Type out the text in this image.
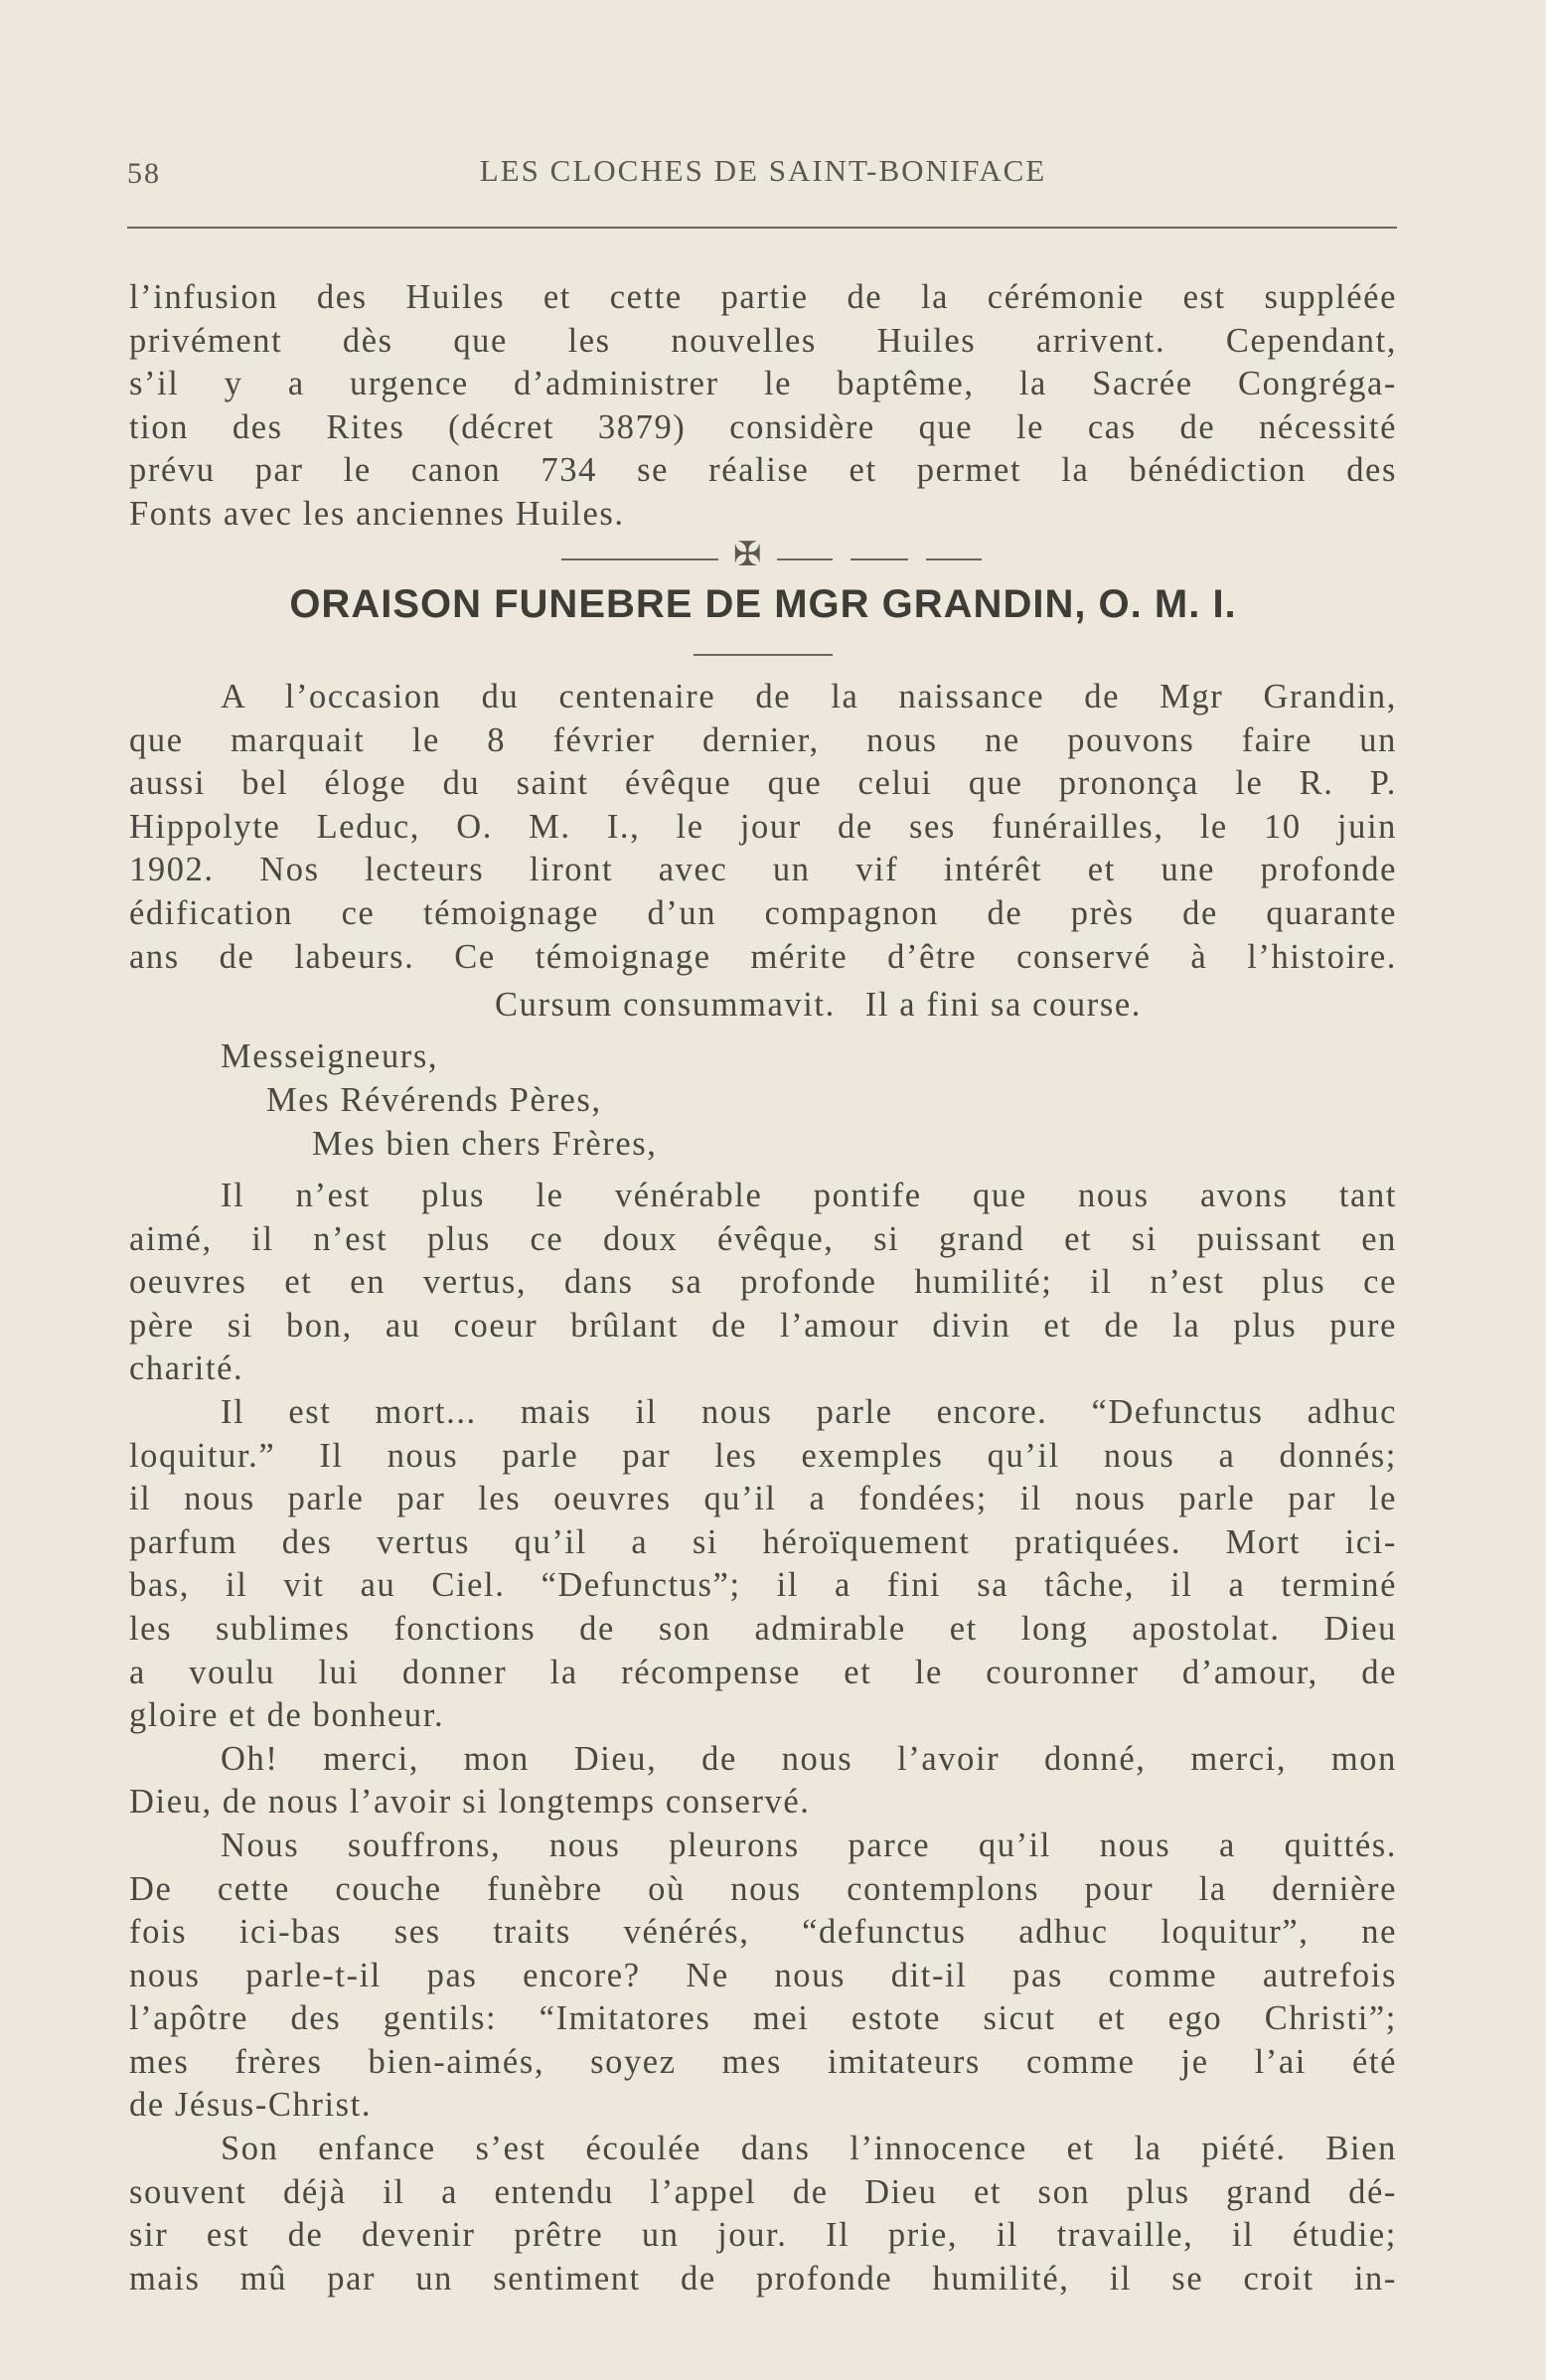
58	LES CLOCHES DE SAINT-BONIFACE
l’infusion des Huiles et cette partie de la cérémonie est suppléée
privément dès que les nouvelles Huiles arrivent. Cependant,
s’il y a urgence d’administrer le baptême, la Sacrée Congréga-
tion des Rites (décret 3879) considère que le cas de nécessité
prévu par le canon 734 se réalise et permet la bénédiction des
Fonts avec les anciennes Huiles.
✠
ORAISON FUNEBRE DE MGR GRANDIN, O. M. I.
A l’occasion du centenaire de la naissance de Mgr Grandin,
que marquait le 8 février dernier, nous ne pouvons faire un
aussi bel éloge du saint évêque que celui que prononça le R. P.
Hippolyte Leduc, O. M. I., le jour de ses funérailles, le 10 juin
1902. Nos lecteurs liront avec un vif intérêt et une profonde
édification ce témoignage d’un compagnon de près de quarante
ans de labeurs. Ce témoignage mérite d’être conservé à l’histoire.
Cursum consummavit. Il a fini sa course.
Messeigneurs,
Mes Révérends Pères,
Mes bien chers Frères,
Il n’est plus le vénérable pontife que nous avons tant
aimé, il n’est plus ce doux évêque, si grand et si puissant en
oeuvres et en vertus, dans sa profonde humilité; il n’est plus ce
père si bon, au coeur brûlant de l’amour divin et de la plus pure
charité.
Il est mort... mais il nous parle encore. “Defunctus adhuc
loquitur.” Il nous parle par les exemples qu’il nous a donnés;
il nous parle par les oeuvres qu’il a fondées; il nous parle par le
parfum des vertus qu’il a si héroïquement pratiquées. Mort ici-
bas, il vit au Ciel. “Defunctus”; il a fini sa tâche, il a terminé
les sublimes fonctions de son admirable et long apostolat. Dieu
a voulu lui donner la récompense et le couronner d’amour, de
gloire et de bonheur.
Oh! merci, mon Dieu, de nous l’avoir donné, merci, mon
Dieu, de nous l’avoir si longtemps conservé.
Nous souffrons, nous pleurons parce qu’il nous a quittés.
De cette couche funèbre où nous contemplons pour la dernière
fois ici-bas ses traits vénérés, “defunctus adhuc loquitur”, ne
nous parle-t-il pas encore? Ne nous dit-il pas comme autrefois
l’apôtre des gentils: “Imitatores mei estote sicut et ego Christi”;
mes frères bien-aimés, soyez mes imitateurs comme je l’ai été
de Jésus-Christ.
Son enfance s’est écoulée dans l’innocence et la piété. Bien
souvent déjà il a entendu l’appel de Dieu et son plus grand dé-
sir est de devenir prêtre un jour. Il prie, il travaille, il étudie;
mais mû par un sentiment de profonde humilité, il se croit in-
